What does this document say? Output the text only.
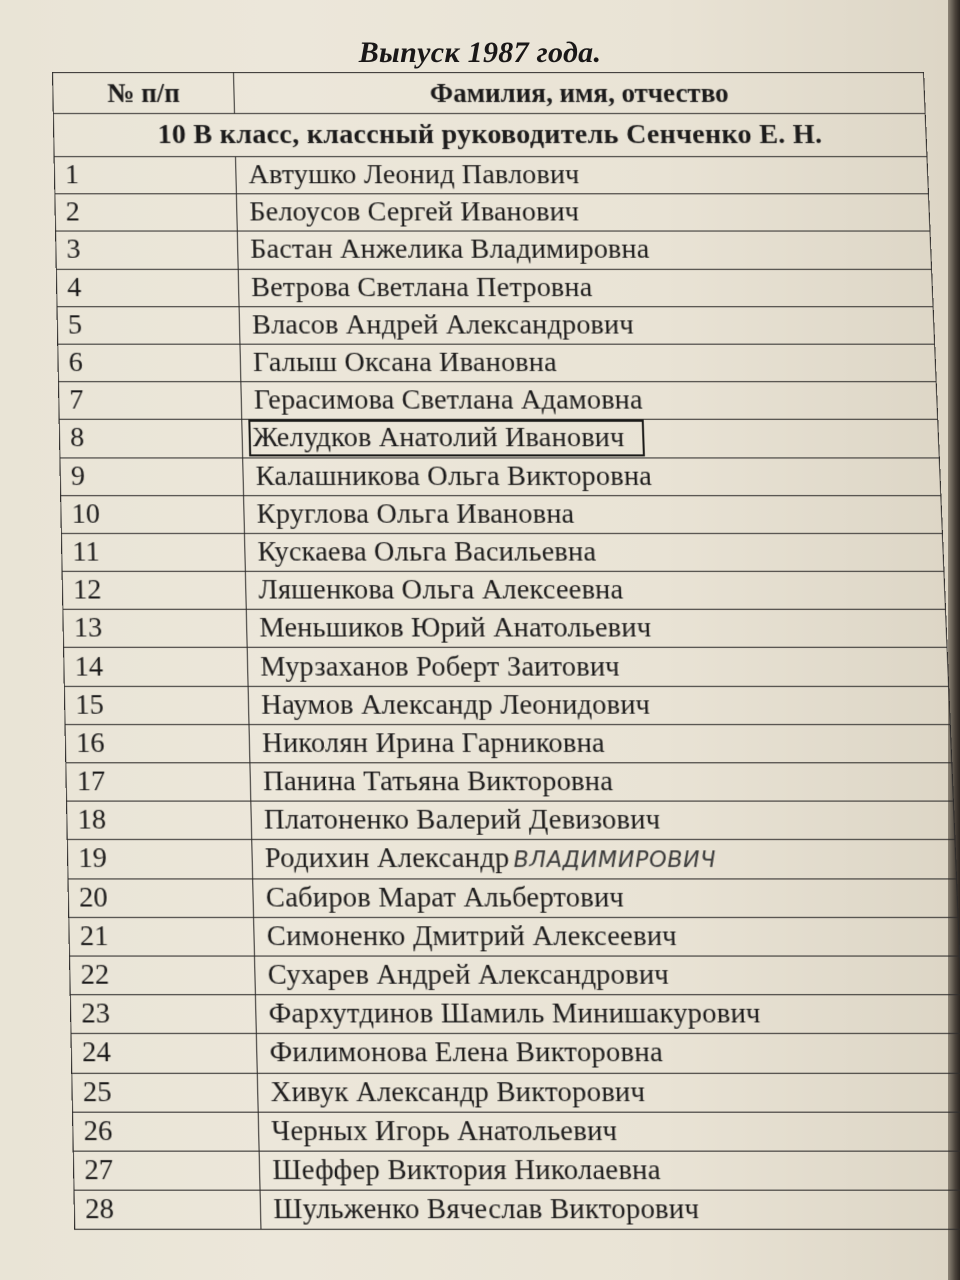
Выпуск 1987 года.
№ п/п	Фамилия, имя, отчество
10 В класс, классный руководитель Сенченко Е. Н.	
1	Автушко Леонид Павлович
2	Белоусов Сергей Иванович
3	Бастан Анжелика Владимировна
4	Ветрова Светлана Петровна
5	Власов Андрей Александрович
6	Галыш Оксана Ивановна
7	Герасимова Светлана Адамовна
8	Желудков Анатолий Иванович
9	Калашникова Ольга Викторовна
10	Круглова Ольга Ивановна
11	Кускаева Ольга Васильевна
12	Ляшенкова Ольга Алексеевна
13	Меньшиков Юрий Анатольевич
14	Мурзаханов Роберт Заитович
15	Наумов Александр Леонидович
16	Николян Ирина Гарниковна
17	Панина Татьяна Викторовна
18	Платоненко Валерий Девизович
19	Родихин Александр ВЛАДИМИРОВИЧ
20	Сабиров Марат Альбертович
21	Симоненко Дмитрий Алексеевич
22	Сухарев Андрей Александрович
23	Фархутдинов Шамиль Минишакурович
24	Филимонова Елена Викторовна
25	Хивук Александр Викторович
26	Черных Игорь Анатольевич
27	Шеффер Виктория Николаевна
28	Шульженко Вячеслав Викторович
